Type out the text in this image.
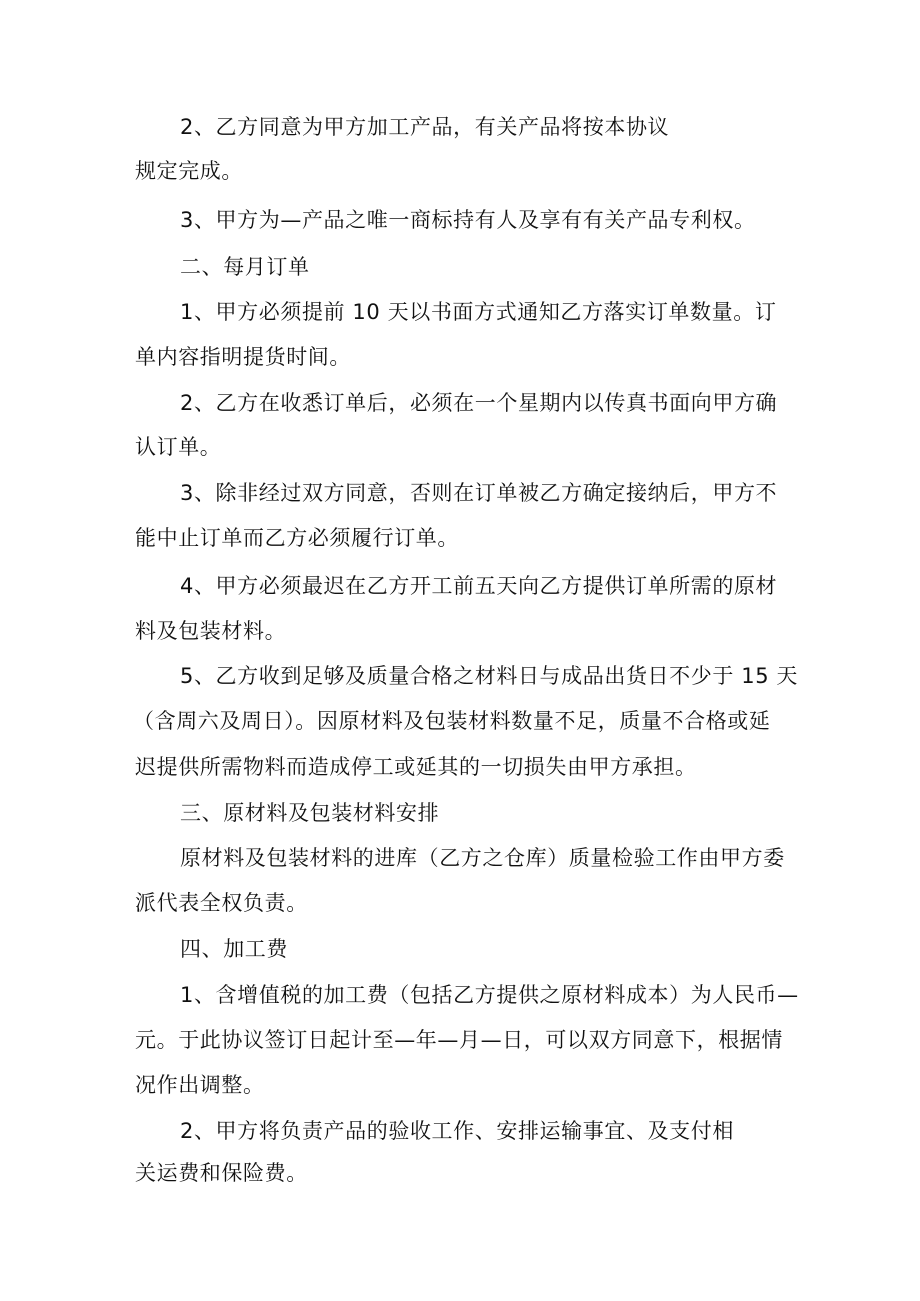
2、乙方同意为甲方加工产品，有关产品将按本协议
规定完成。
3、甲方为—产品之唯一商标持有人及享有有关产品专利权。
二、每月订单
1、甲方必须提前 10 天以书面方式通知乙方落实订单数量。订
单内容指明提货时间。
2、乙方在收悉订单后，必须在一个星期内以传真书面向甲方确
认订单。
3、除非经过双方同意，否则在订单被乙方确定接纳后，甲方不
能中止订单而乙方必须履行订单。
4、甲方必须最迟在乙方开工前五天向乙方提供订单所需的原材
料及包装材料。
5、乙方收到足够及质量合格之材料日与成品出货日不少于 15 天
（含周六及周日）。因原材料及包装材料数量不足，质量不合格或延
迟提供所需物料而造成停工或延其的一切损失由甲方承担。
三、原材料及包装材料安排
原材料及包装材料的进库（乙方之仓库）质量检验工作由甲方委
派代表全权负责。
四、加工费
1、含增值税的加工费（包括乙方提供之原材料成本）为人民币—
元。于此协议签订日起计至—年—月—日，可以双方同意下，根据情
况作出调整。
2、甲方将负责产品的验收工作、安排运输事宜、及支付相
关运费和保险费。
